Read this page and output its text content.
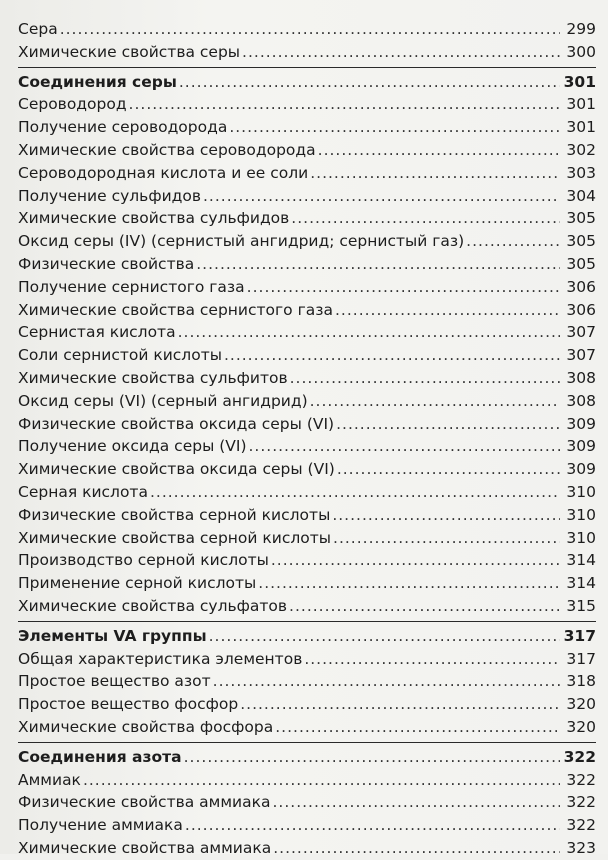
Сера .....	299
Химические свойства серы .....	300
Соединения серы .....	301
Сероводород .....	301
Получение сероводорода .....	301
Химические свойства сероводорода .....	302
Сероводородная кислота и ее соли .....	303
Получение сульфидов .....	304
Химические свойства сульфидов .....	305
Оксид серы (IV) (сернистый ангидрид; сернистый газ) .....	305
Физические свойства .....	305
Получение сернистого газа .....	306
Химические свойства сернистого газа .....	306
Сернистая кислота .....	307
Соли сернистой кислоты .....	307
Химические свойства сульфитов .....	308
Оксид серы (VI) (серный ангидрид) .....	308
Физические свойства оксида серы (VI) .....	309
Получение оксида серы (VI) .....	309
Химические свойства оксида серы (VI) .....	309
Серная кислота .....	310
Физические свойства серной кислоты .....	310
Химические свойства серной кислоты .....	310
Производство серной кислоты .....	314
Применение серной кислоты .....	314
Химические свойства сульфатов .....	315
Элементы VA группы .....	317
Общая характеристика элементов .....	317
Простое вещество азот .....	318
Простое вещество фосфор .....	320
Химические свойства фосфора .....	320
Соединения азота .....	322
Аммиак .....	322
Физические свойства аммиака .....	322
Получение аммиака .....	322
Химические свойства аммиака .....	323
